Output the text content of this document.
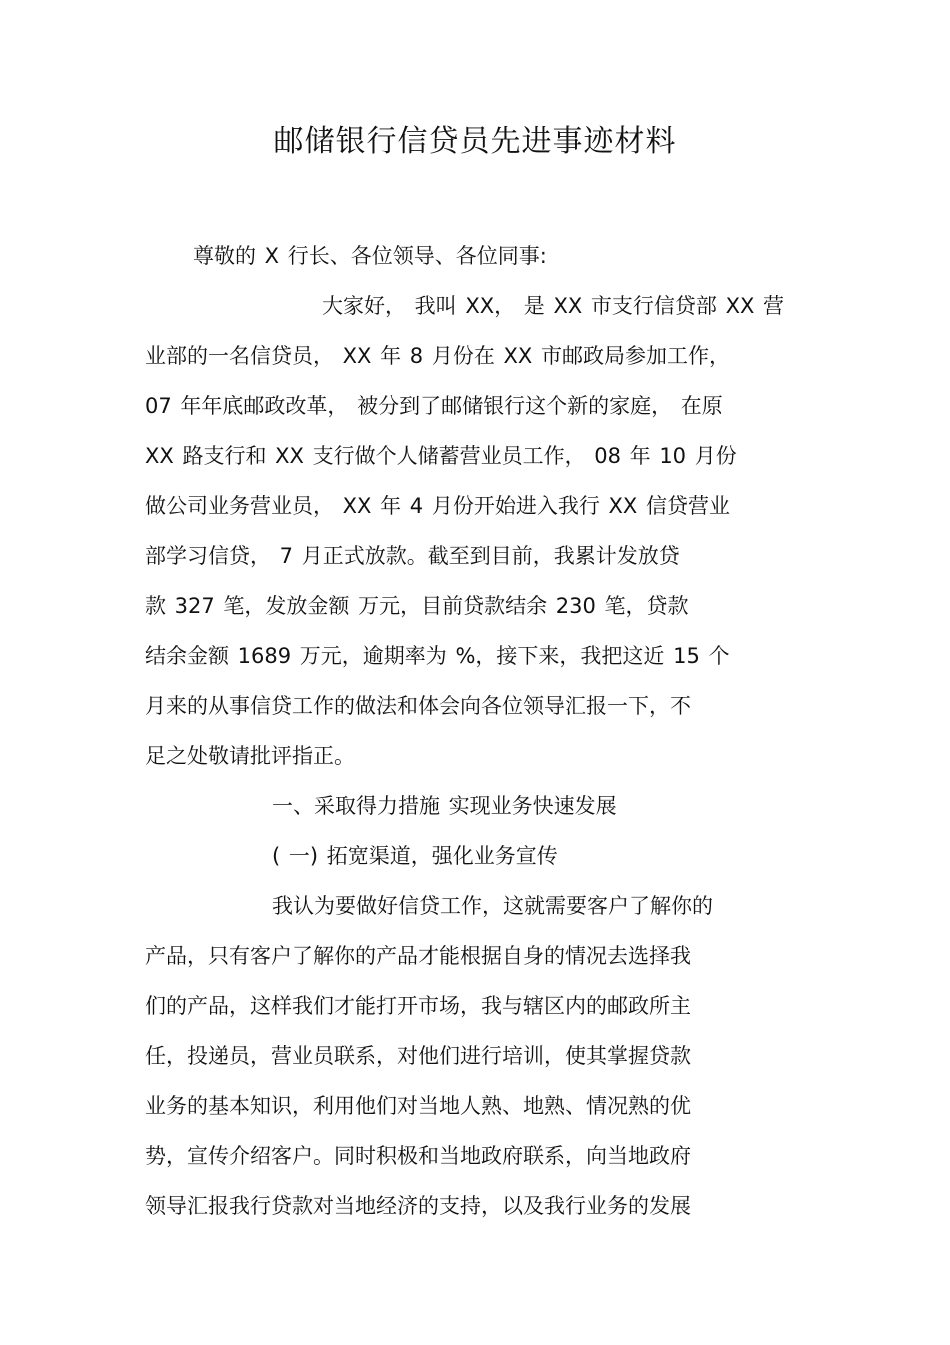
邮储银行信贷员先进事迹材料
尊敬的 X 行长、各位领导、各位同事:
大家好， 我叫 XX， 是 XX 市支行信贷部 XX 营
业部的一名信贷员， XX 年 8 月份在 XX 市邮政局参加工作，
07 年年底邮政改革， 被分到了邮储银行这个新的家庭， 在原
XX 路支行和 XX 支行做个人储蓄营业员工作， 08 年 10 月份
做公司业务营业员， XX 年 4 月份开始进入我行 XX 信贷营业
部学习信贷， 7 月正式放款。截至到目前，我累计发放贷
款 327 笔，发放金额 万元，目前贷款结余 230 笔，贷款
结余金额 1689 万元，逾期率为 %，接下来，我把这近 15 个
月来的从事信贷工作的做法和体会向各位领导汇报一下，不
足之处敬请批评指正。
一、采取得力措施 实现业务快速发展
( 一) 拓宽渠道，强化业务宣传
我认为要做好信贷工作，这就需要客户了解你的
产品，只有客户了解你的产品才能根据自身的情况去选择我
们的产品，这样我们才能打开市场，我与辖区内的邮政所主
任，投递员，营业员联系，对他们进行培训，使其掌握贷款
业务的基本知识，利用他们对当地人熟、地熟、情况熟的优
势，宣传介绍客户。同时积极和当地政府联系，向当地政府
领导汇报我行贷款对当地经济的支持，以及我行业务的发展
